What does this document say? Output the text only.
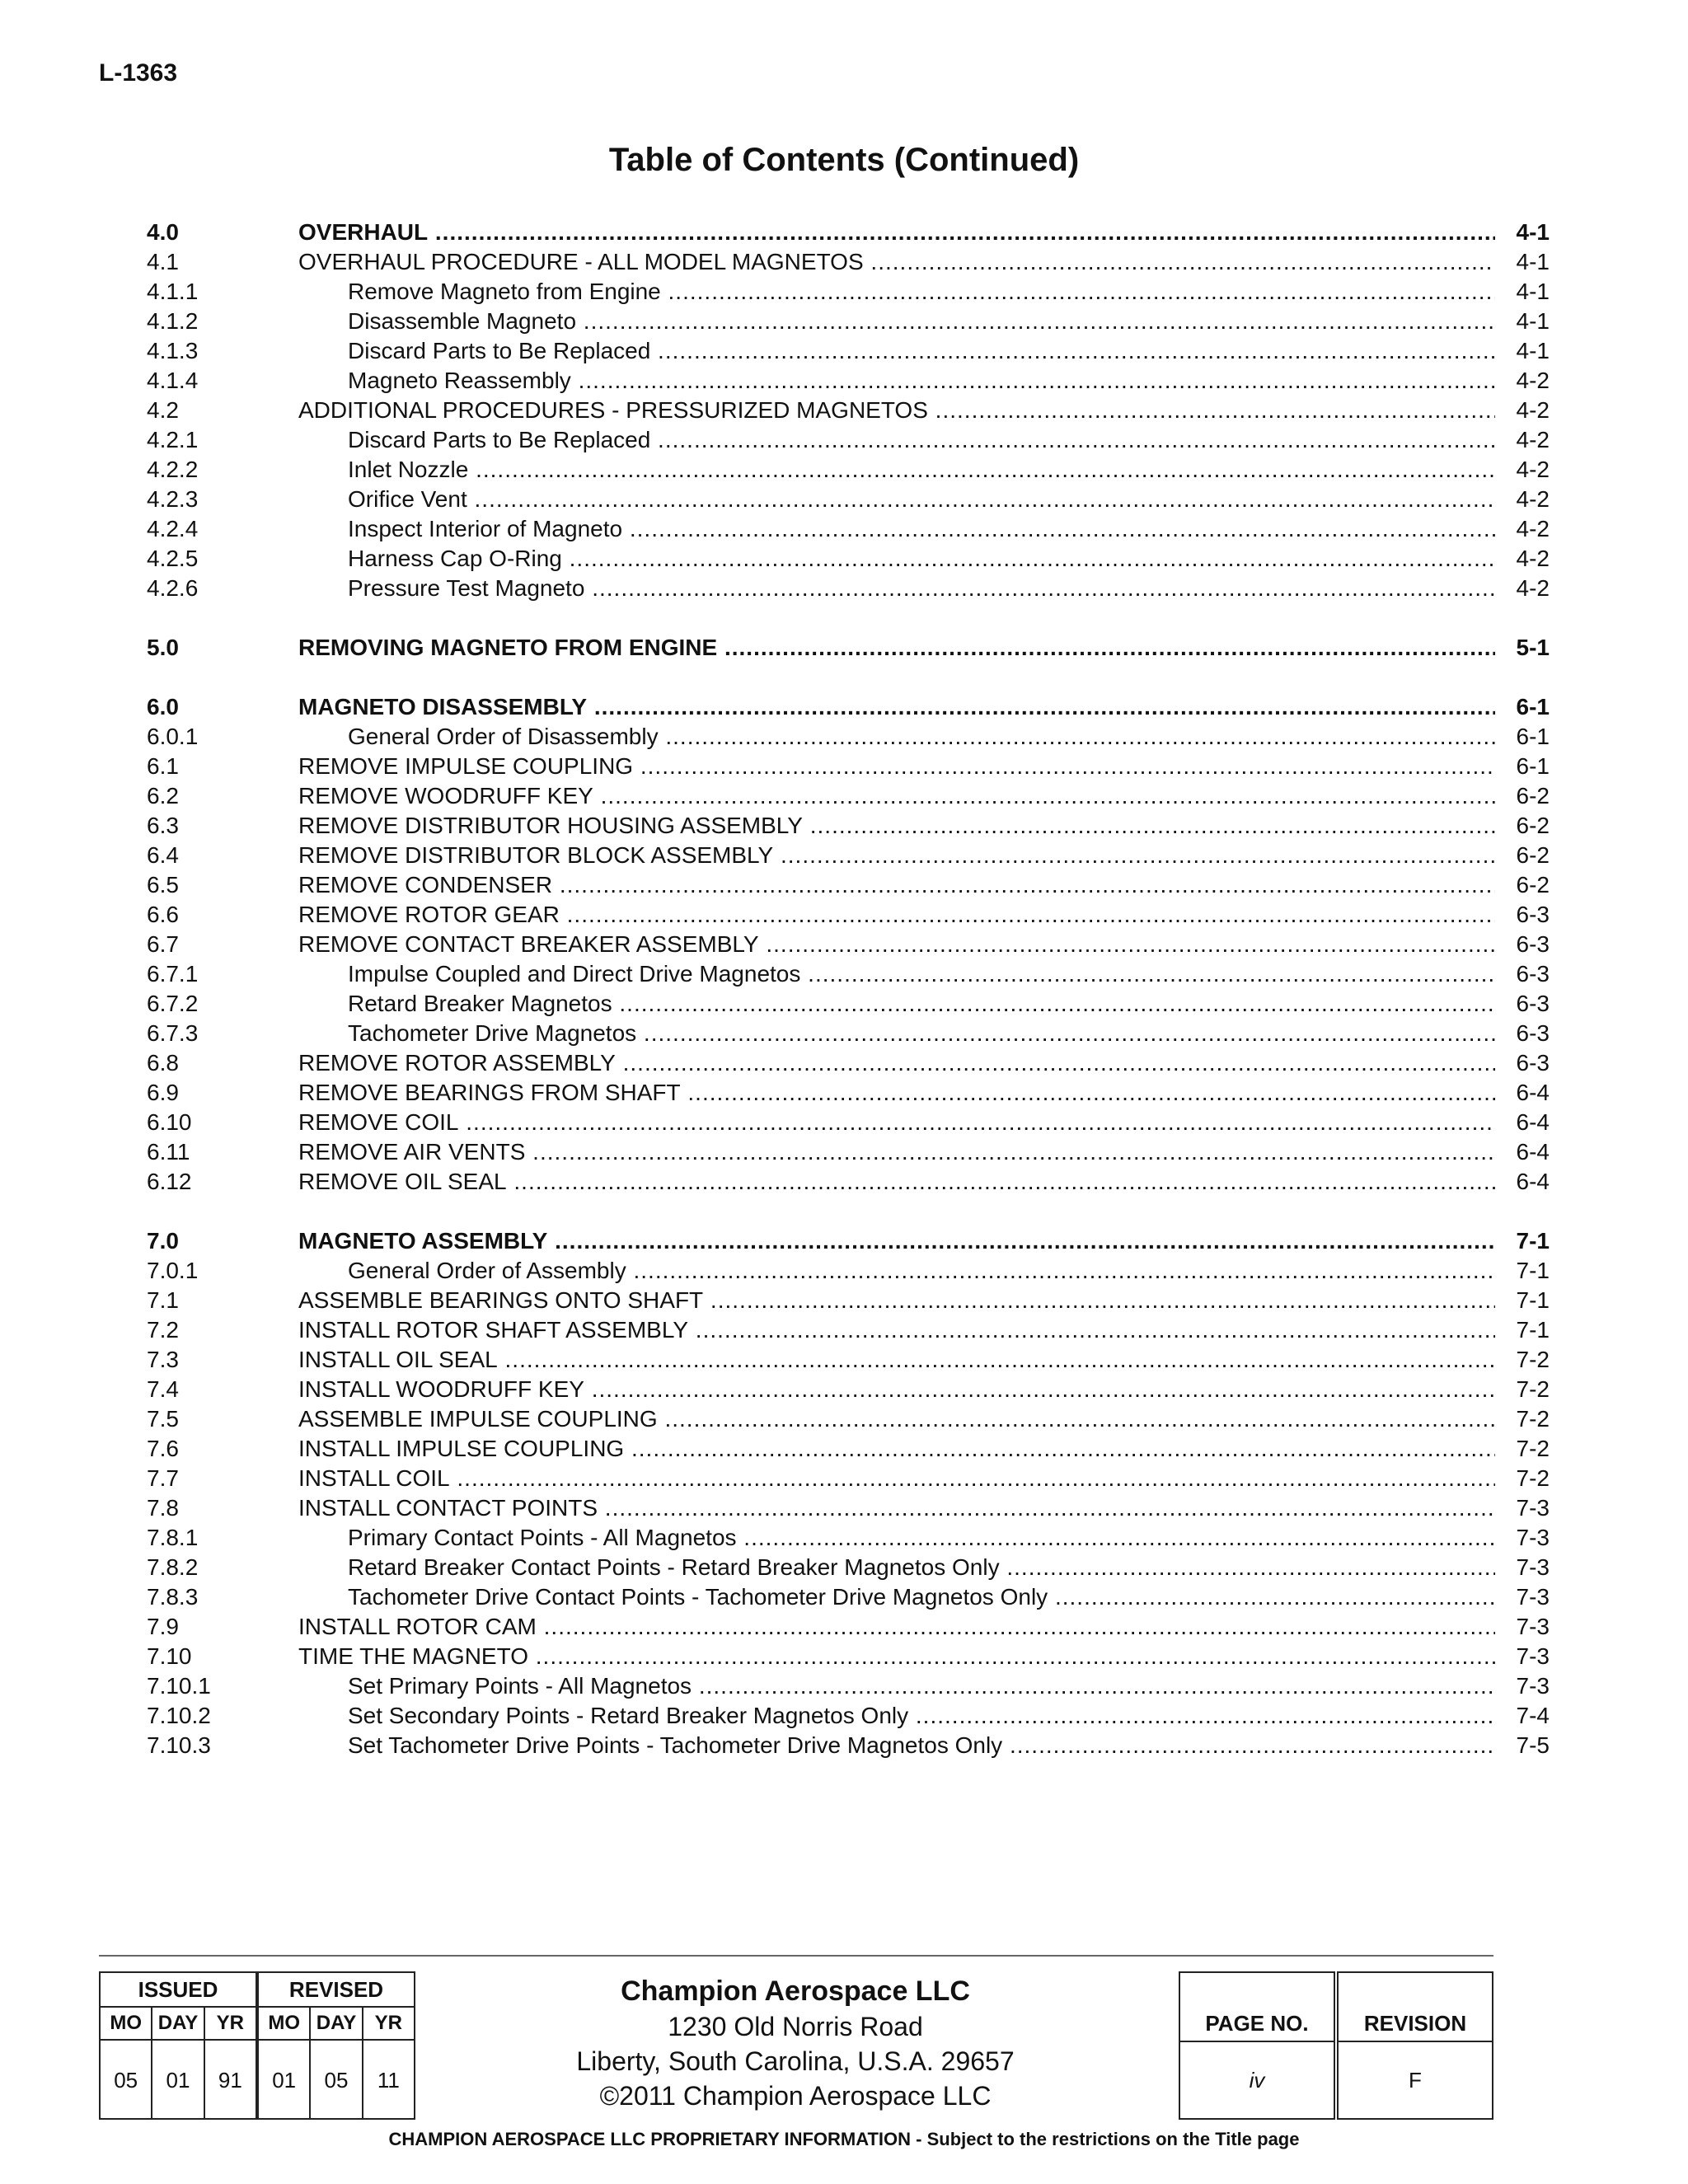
L-1363
Table of Contents (Continued)
4.0	OVERHAUL .....	4-1
4.1	OVERHAUL PROCEDURE - ALL MODEL MAGNETOS .....	4-1
4.1.1	Remove Magneto from Engine .....	4-1
4.1.2	Disassemble Magneto .....	4-1
4.1.3	Discard Parts to Be Replaced .....	4-1
4.1.4	Magneto Reassembly .....	4-2
4.2	ADDITIONAL PROCEDURES - PRESSURIZED MAGNETOS .....	4-2
4.2.1	Discard Parts to Be Replaced .....	4-2
4.2.2	Inlet Nozzle .....	4-2
4.2.3	Orifice Vent .....	4-2
4.2.4	Inspect Interior of Magneto .....	4-2
4.2.5	Harness Cap O-Ring .....	4-2
4.2.6	Pressure Test Magneto .....	4-2
5.0	REMOVING MAGNETO FROM ENGINE .....	5-1
6.0	MAGNETO DISASSEMBLY .....	6-1
6.0.1	General Order of Disassembly .....	6-1
6.1	REMOVE IMPULSE COUPLING .....	6-1
6.2	REMOVE WOODRUFF KEY .....	6-2
6.3	REMOVE DISTRIBUTOR HOUSING ASSEMBLY .....	6-2
6.4	REMOVE DISTRIBUTOR BLOCK ASSEMBLY .....	6-2
6.5	REMOVE CONDENSER .....	6-2
6.6	REMOVE ROTOR GEAR .....	6-3
6.7	REMOVE CONTACT BREAKER ASSEMBLY .....	6-3
6.7.1	Impulse Coupled and Direct Drive Magnetos .....	6-3
6.7.2	Retard Breaker Magnetos .....	6-3
6.7.3	Tachometer Drive Magnetos .....	6-3
6.8	REMOVE ROTOR ASSEMBLY .....	6-3
6.9	REMOVE BEARINGS FROM SHAFT .....	6-4
6.10	REMOVE COIL .....	6-4
6.11	REMOVE AIR VENTS .....	6-4
6.12	REMOVE OIL SEAL .....	6-4
7.0	MAGNETO ASSEMBLY .....	7-1
7.0.1	General Order of Assembly .....	7-1
7.1	ASSEMBLE BEARINGS ONTO SHAFT .....	7-1
7.2	INSTALL ROTOR SHAFT ASSEMBLY .....	7-1
7.3	INSTALL OIL SEAL .....	7-2
7.4	INSTALL WOODRUFF KEY .....	7-2
7.5	ASSEMBLE IMPULSE COUPLING .....	7-2
7.6	INSTALL IMPULSE COUPLING .....	7-2
7.7	INSTALL COIL .....	7-2
7.8	INSTALL CONTACT POINTS .....	7-3
7.8.1	Primary Contact Points - All Magnetos .....	7-3
7.8.2	Retard Breaker Contact Points - Retard Breaker Magnetos Only .....	7-3
7.8.3	Tachometer Drive Contact Points - Tachometer Drive Magnetos Only .....	7-3
7.9	INSTALL ROTOR CAM .....	7-3
7.10	TIME THE MAGNETO .....	7-3
7.10.1	Set Primary Points - All Magnetos .....	7-3
7.10.2	Set Secondary Points - Retard Breaker Magnetos Only .....	7-4
7.10.3	Set Tachometer Drive Points - Tachometer Drive Magnetos Only .....	7-5
ISSUED
MO DAY YR
05	01	91
REVISED
MO DAY YR
01	05	11
Champion Aerospace LLC
1230 Old Norris Road
Liberty, South Carolina, U.S.A. 29657
©2011 Champion Aerospace LLC
PAGE NO.
iv
REVISION
F
CHAMPION AEROSPACE LLC PROPRIETARY INFORMATION - Subject to the restrictions on the Title page
